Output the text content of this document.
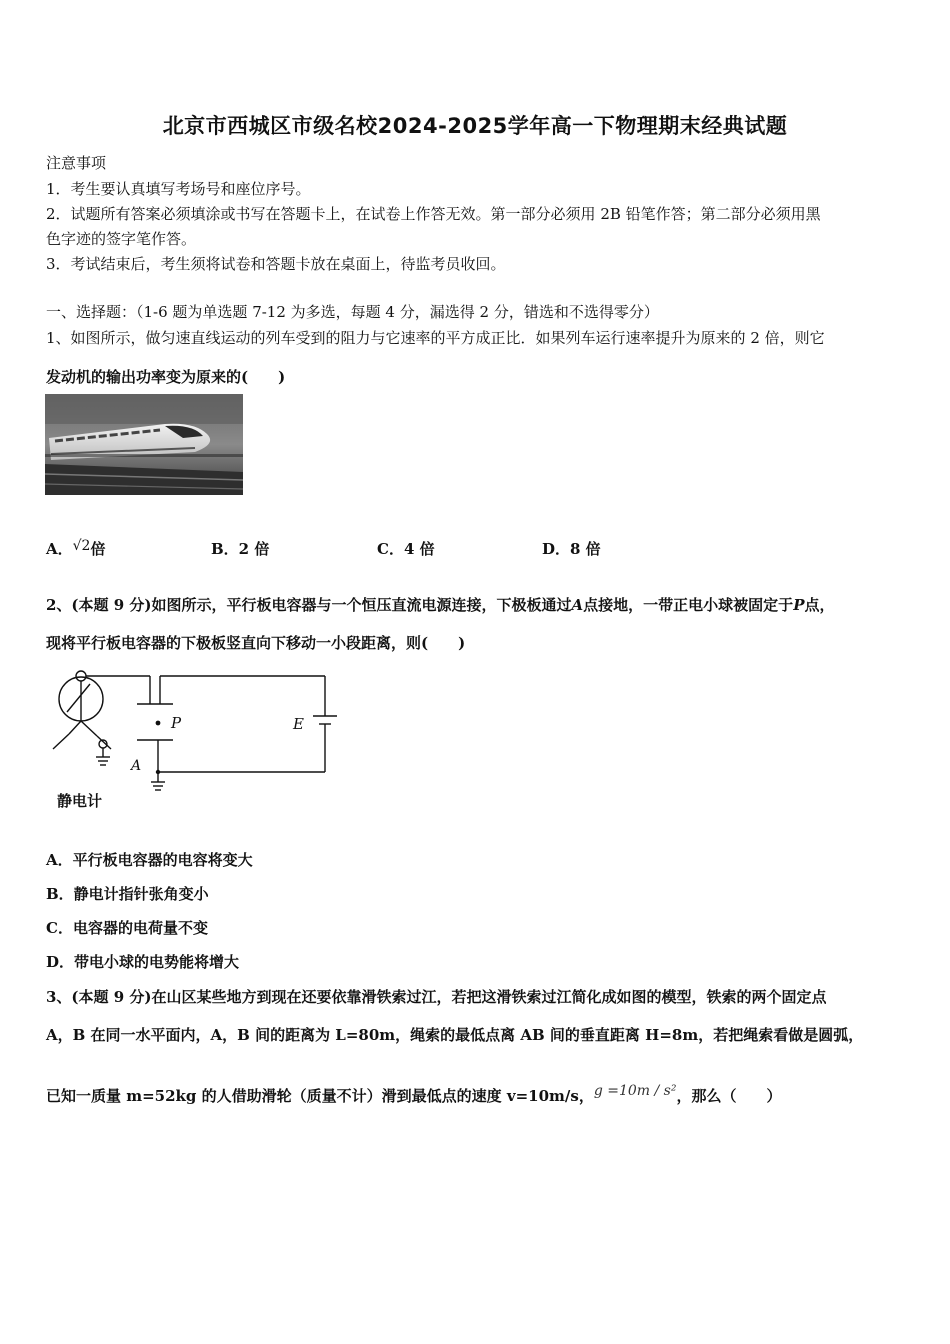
北京市西城区市级名校2024-2025学年高一下物理期末经典试题
注意事项
1．考生要认真填写考场号和座位序号。
2．试题所有答案必须填涂或书写在答题卡上，在试卷上作答无效。第一部分必须用 2B 铅笔作答；第二部分必须用黑
色字迹的签字笔作答。
3．考试结束后，考生须将试卷和答题卡放在桌面上，待监考员收回。
一、选择题：（1-6 题为单选题 7-12 为多选，每题 4 分，漏选得 2 分，错选和不选得零分）
1、如图所示，做匀速直线运动的列车受到的阻力与它速率的平方成正比．如果列车运行速率提升为原来的 2 倍，则它
发动机的输出功率变为原来的(　　)
A．√2倍	B．2 倍	C．4 倍	D．8 倍
2、(本题 9 分)如图所示，平行板电容器与一个恒压直流电源连接，下极板通过A点接地，一带正电小球被固定于P点，
现将平行板电容器的下极板竖直向下移动一小段距离，则(　　)
P	E
A
静电计
A．平行板电容器的电容将变大
B．静电计指针张角变小
C．电容器的电荷量不变
D．带电小球的电势能将增大
3、(本题 9 分)在山区某些地方到现在还要依靠滑铁索过江，若把这滑铁索过江简化成如图的模型，铁索的两个固定点
A，B 在同一水平面内，A，B 间的距离为 L=80m，绳索的最低点离 AB 间的垂直距离 H=8m，若把绳索看做是圆弧，
已知一质量 m=52kg 的人借助滑轮（质量不计）滑到最低点的速度 v=10m/s，g =10m / s²，那么（　　）
